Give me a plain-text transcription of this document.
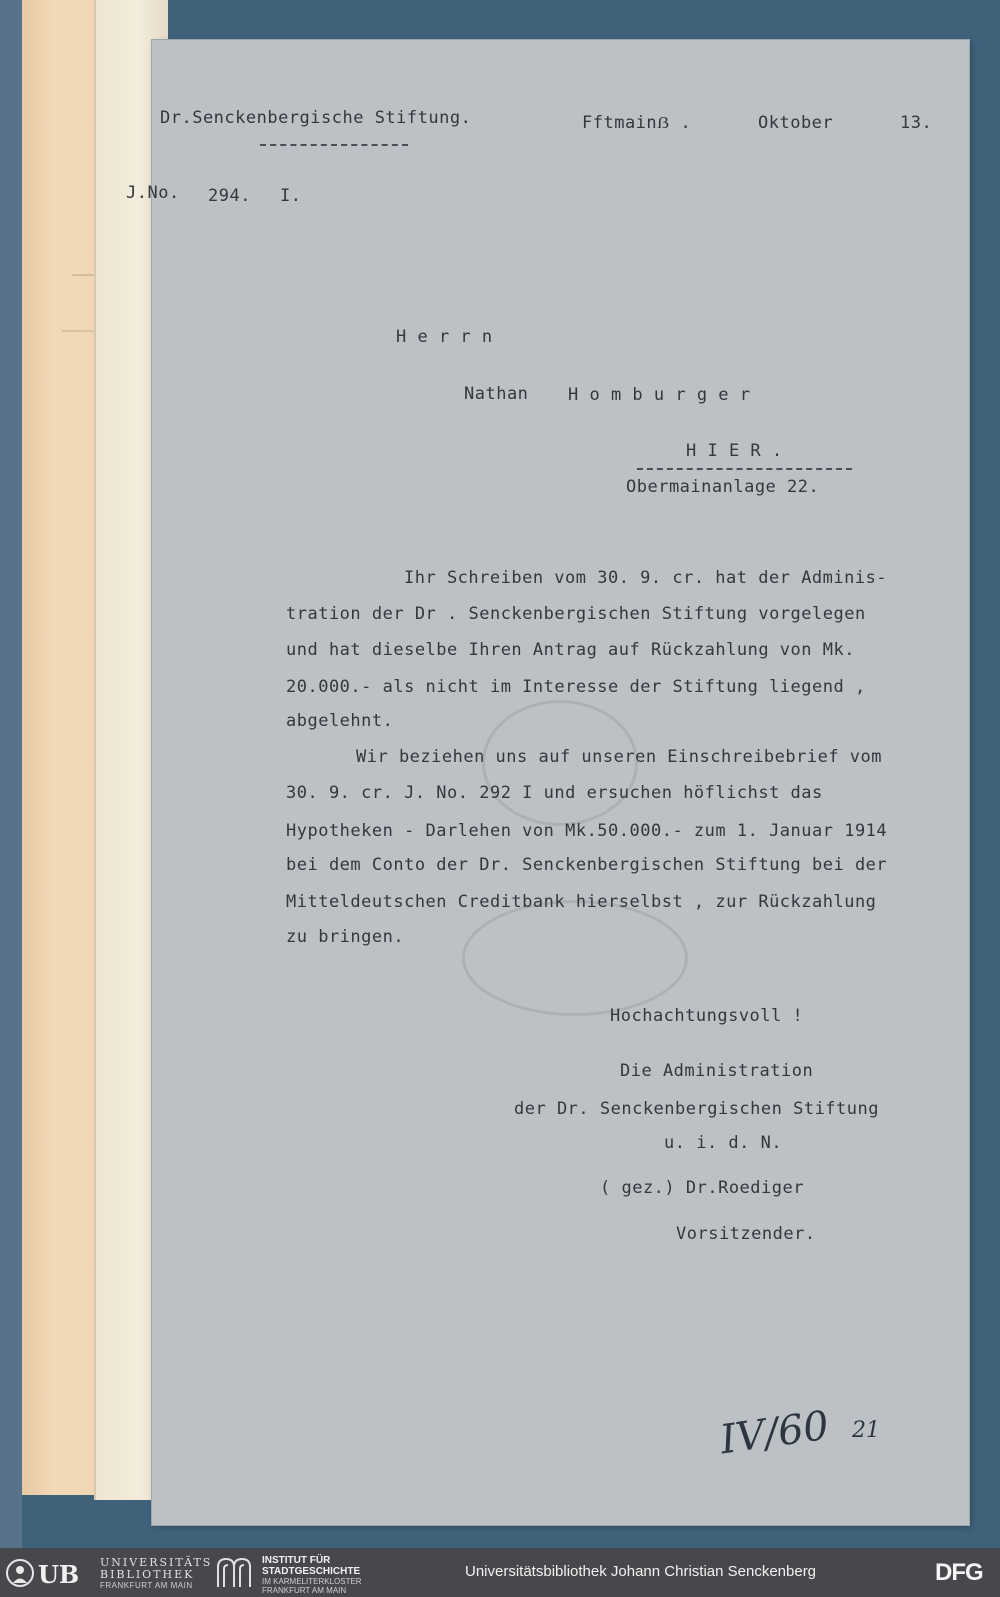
Dr.Senckenbergische Stiftung.	Fftmainẞ .	Oktober	13.
J.No. 294. I.
H e r r n
Nathan H o m b u r g e r
H I E R .
Obermainanlage 22.
Ihr Schreiben vom 30. 9. cr. hat der Adminis-
tration der Dr . Senckenbergischen Stiftung vorgelegen
und hat dieselbe Ihren Antrag auf Rückzahlung von Mk.
20.000.- als nicht im Interesse der Stiftung liegend ,
abgelehnt.
Wir beziehen uns auf unseren Einschreibebrief vom
30. 9. cr. J. No. 292 I und ersuchen höflichst das
Hypotheken - Darlehen von Mk.50.000.- zum 1. Januar 1914
bei dem Conto der Dr. Senckenbergischen Stiftung bei der
Mitteldeutschen Creditbank hierselbst , zur Rückzahlung
zu bringen.
Hochachtungsvoll !
Die Administration
der Dr. Senckenbergischen Stiftung
u. i. d. N.
( gez.) Dr.Roediger
Vorsitzender.
IV/60 21
UB UNIVERSITÄTS
BIBLIOTHEK
FRANKFURT AM MAIN
INSTITUT FÜR
STADTGESCHICHTE
IM KARMELITERKLOSTER
FRANKFURT AM MAIN
Universitätsbibliothek Johann Christian Senckenberg	DFG
